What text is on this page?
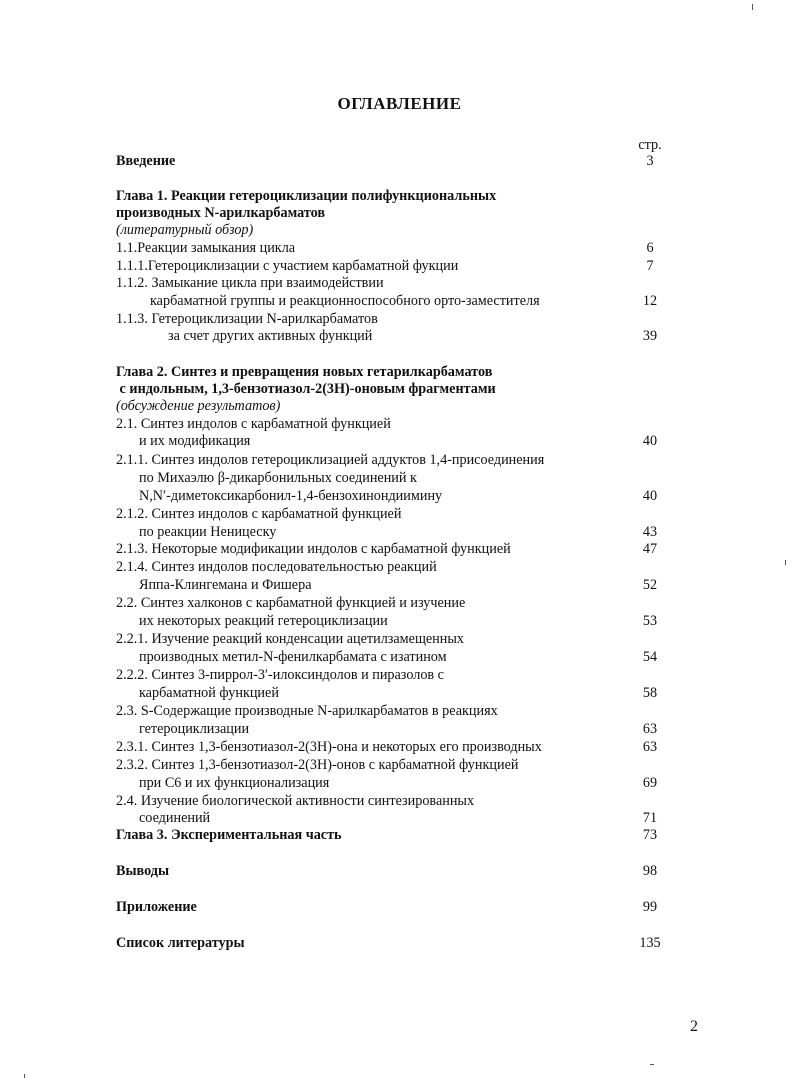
ОГЛАВЛЕНИЕ
стр.
Введение	3
Глава 1. Реакции гетероциклизации полифункциональных
производных N-арилкарбаматов
(литературный обзор)
1.1.Реакции замыкания цикла	6
1.1.1.Гетероциклизации с участием карбаматной фукции	7
1.1.2. Замыкание цикла при взаимодействии
карбаматной группы и реакционноспособного орто-заместителя	12
1.1.3. Гетероциклизации N-арилкарбаматов
за счет других активных функций	39
Глава 2. Синтез и превращения новых гетарилкарбаматов
с индольным, 1,3-бензотиазол-2(3H)-оновым фрагментами
(обсуждение результатов)
2.1. Синтез индолов с карбаматной функцией
и их модификация	40
2.1.1. Синтез индолов гетероциклизацией аддуктов 1,4-присоединения
по Михаэлю β-дикарбонильных соединений к
N,N′-диметоксикарбонил-1,4-бензохинондиимину	40
2.1.2. Синтез индолов с карбаматной функцией
по реакции Неницеску	43
2.1.3. Некоторые модификации индолов с карбаматной функцией	47
2.1.4. Синтез индолов последовательностью реакций
Яппа-Клингемана и Фишера	52
2.2. Синтез халконов с карбаматной функцией и изучение
их некоторых реакций гетероциклизации	53
2.2.1. Изучение реакций конденсации ацетилзамещенных
производных метил-N-фенилкарбамата с изатином	54
2.2.2. Синтез 3-пиррол-3′-илоксиндолов и пиразолов с
карбаматной функцией	58
2.3. S-Содержащие производные N-арилкарбаматов в реакциях
гетероциклизации	63
2.3.1. Синтез 1,3-бензотиазол-2(3H)-она и некоторых его производных	63
2.3.2. Синтез 1,3-бензотиазол-2(3H)-онов с карбаматной функцией
при C6 и их функционализация	69
2.4. Изучение биологической активности синтезированных
соединений	71
Глава 3. Экспериментальная часть	73
Выводы	98
Приложение	99
Список литературы	135
2
